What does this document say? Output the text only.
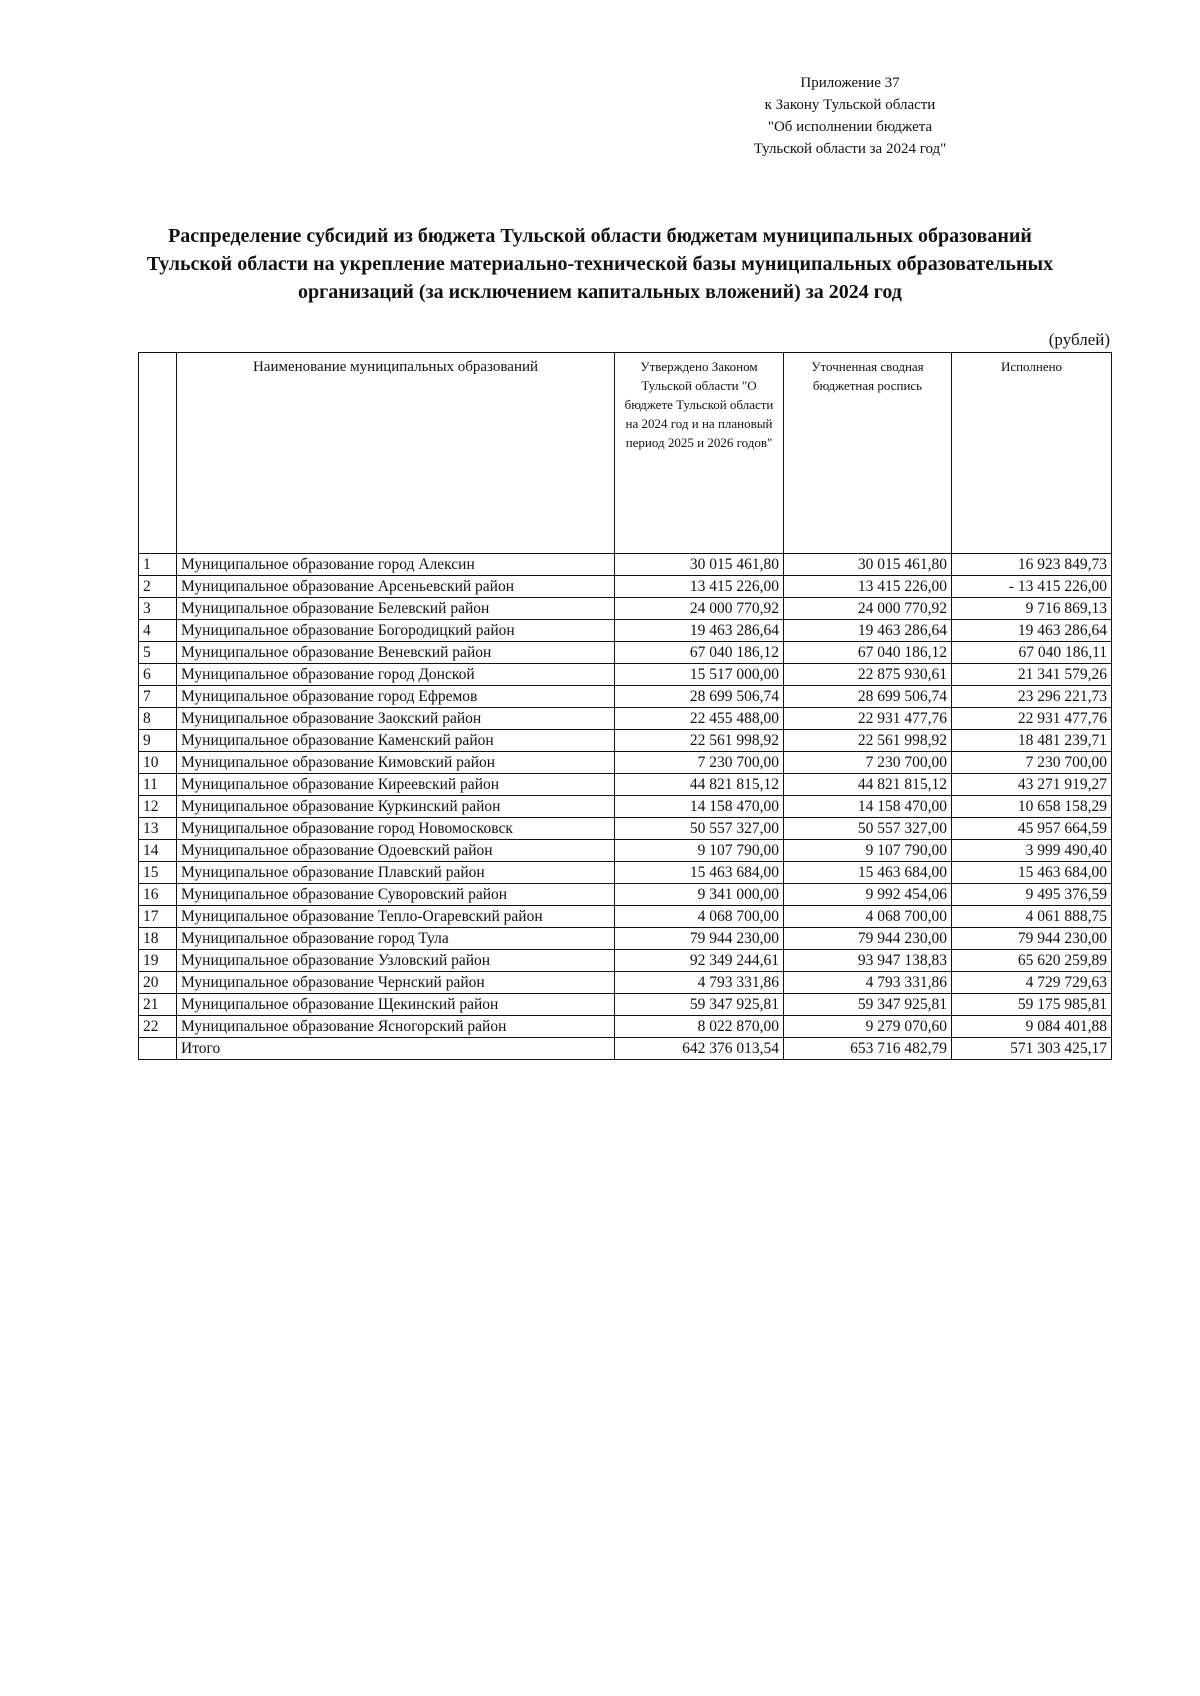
Приложение 37
к Закону Тульской области
"Об исполнении бюджета
Тульской области за 2024 год"
Распределение субсидий из бюджета Тульской области бюджетам муниципальных образований
Тульской области на укрепление материально-технической базы муниципальных образовательных
организаций (за исключением капитальных вложений) за 2024 год
(рублей)
	Наименование муниципальных образований	Утверждено Законом Тульской области "О бюджете Тульской области на 2024 год и на плановый период 2025 и 2026 годов"	Уточненная сводная бюджетная роспись	Исполнено
1	Муниципальное образование город Алексин	30 015 461,80	30 015 461,80	16 923 849,73
2	Муниципальное образование Арсеньевский район	13 415 226,00	13 415 226,00	- 13 415 226,00
3	Муниципальное образование Белевский район	24 000 770,92	24 000 770,92	9 716 869,13
4	Муниципальное образование Богородицкий район	19 463 286,64	19 463 286,64	19 463 286,64
5	Муниципальное образование Веневский район	67 040 186,12	67 040 186,12	67 040 186,11
6	Муниципальное образование город Донской	15 517 000,00	22 875 930,61	21 341 579,26
7	Муниципальное образование город Ефремов	28 699 506,74	28 699 506,74	23 296 221,73
8	Муниципальное образование Заокский район	22 455 488,00	22 931 477,76	22 931 477,76
9	Муниципальное образование Каменский район	22 561 998,92	22 561 998,92	18 481 239,71
10	Муниципальное образование Кимовский район	7 230 700,00	7 230 700,00	7 230 700,00
11	Муниципальное образование Киреевский район	44 821 815,12	44 821 815,12	43 271 919,27
12	Муниципальное образование Куркинский район	14 158 470,00	14 158 470,00	10 658 158,29
13	Муниципальное образование город Новомосковск	50 557 327,00	50 557 327,00	45 957 664,59
14	Муниципальное образование Одоевский район	9 107 790,00	9 107 790,00	3 999 490,40
15	Муниципальное образование Плавский район	15 463 684,00	15 463 684,00	15 463 684,00
16	Муниципальное образование Суворовский район	9 341 000,00	9 992 454,06	9 495 376,59
17	Муниципальное образование Тепло-Огаревский район	4 068 700,00	4 068 700,00	4 061 888,75
18	Муниципальное образование город Тула	79 944 230,00	79 944 230,00	79 944 230,00
19	Муниципальное образование Узловский район	92 349 244,61	93 947 138,83	65 620 259,89
20	Муниципальное образование Чернский район	4 793 331,86	4 793 331,86	4 729 729,63
21	Муниципальное образование Щекинский район	59 347 925,81	59 347 925,81	59 175 985,81
22	Муниципальное образование Ясногорский район	8 022 870,00	9 279 070,60	9 084 401,88
	Итого	642 376 013,54	653 716 482,79	571 303 425,17
